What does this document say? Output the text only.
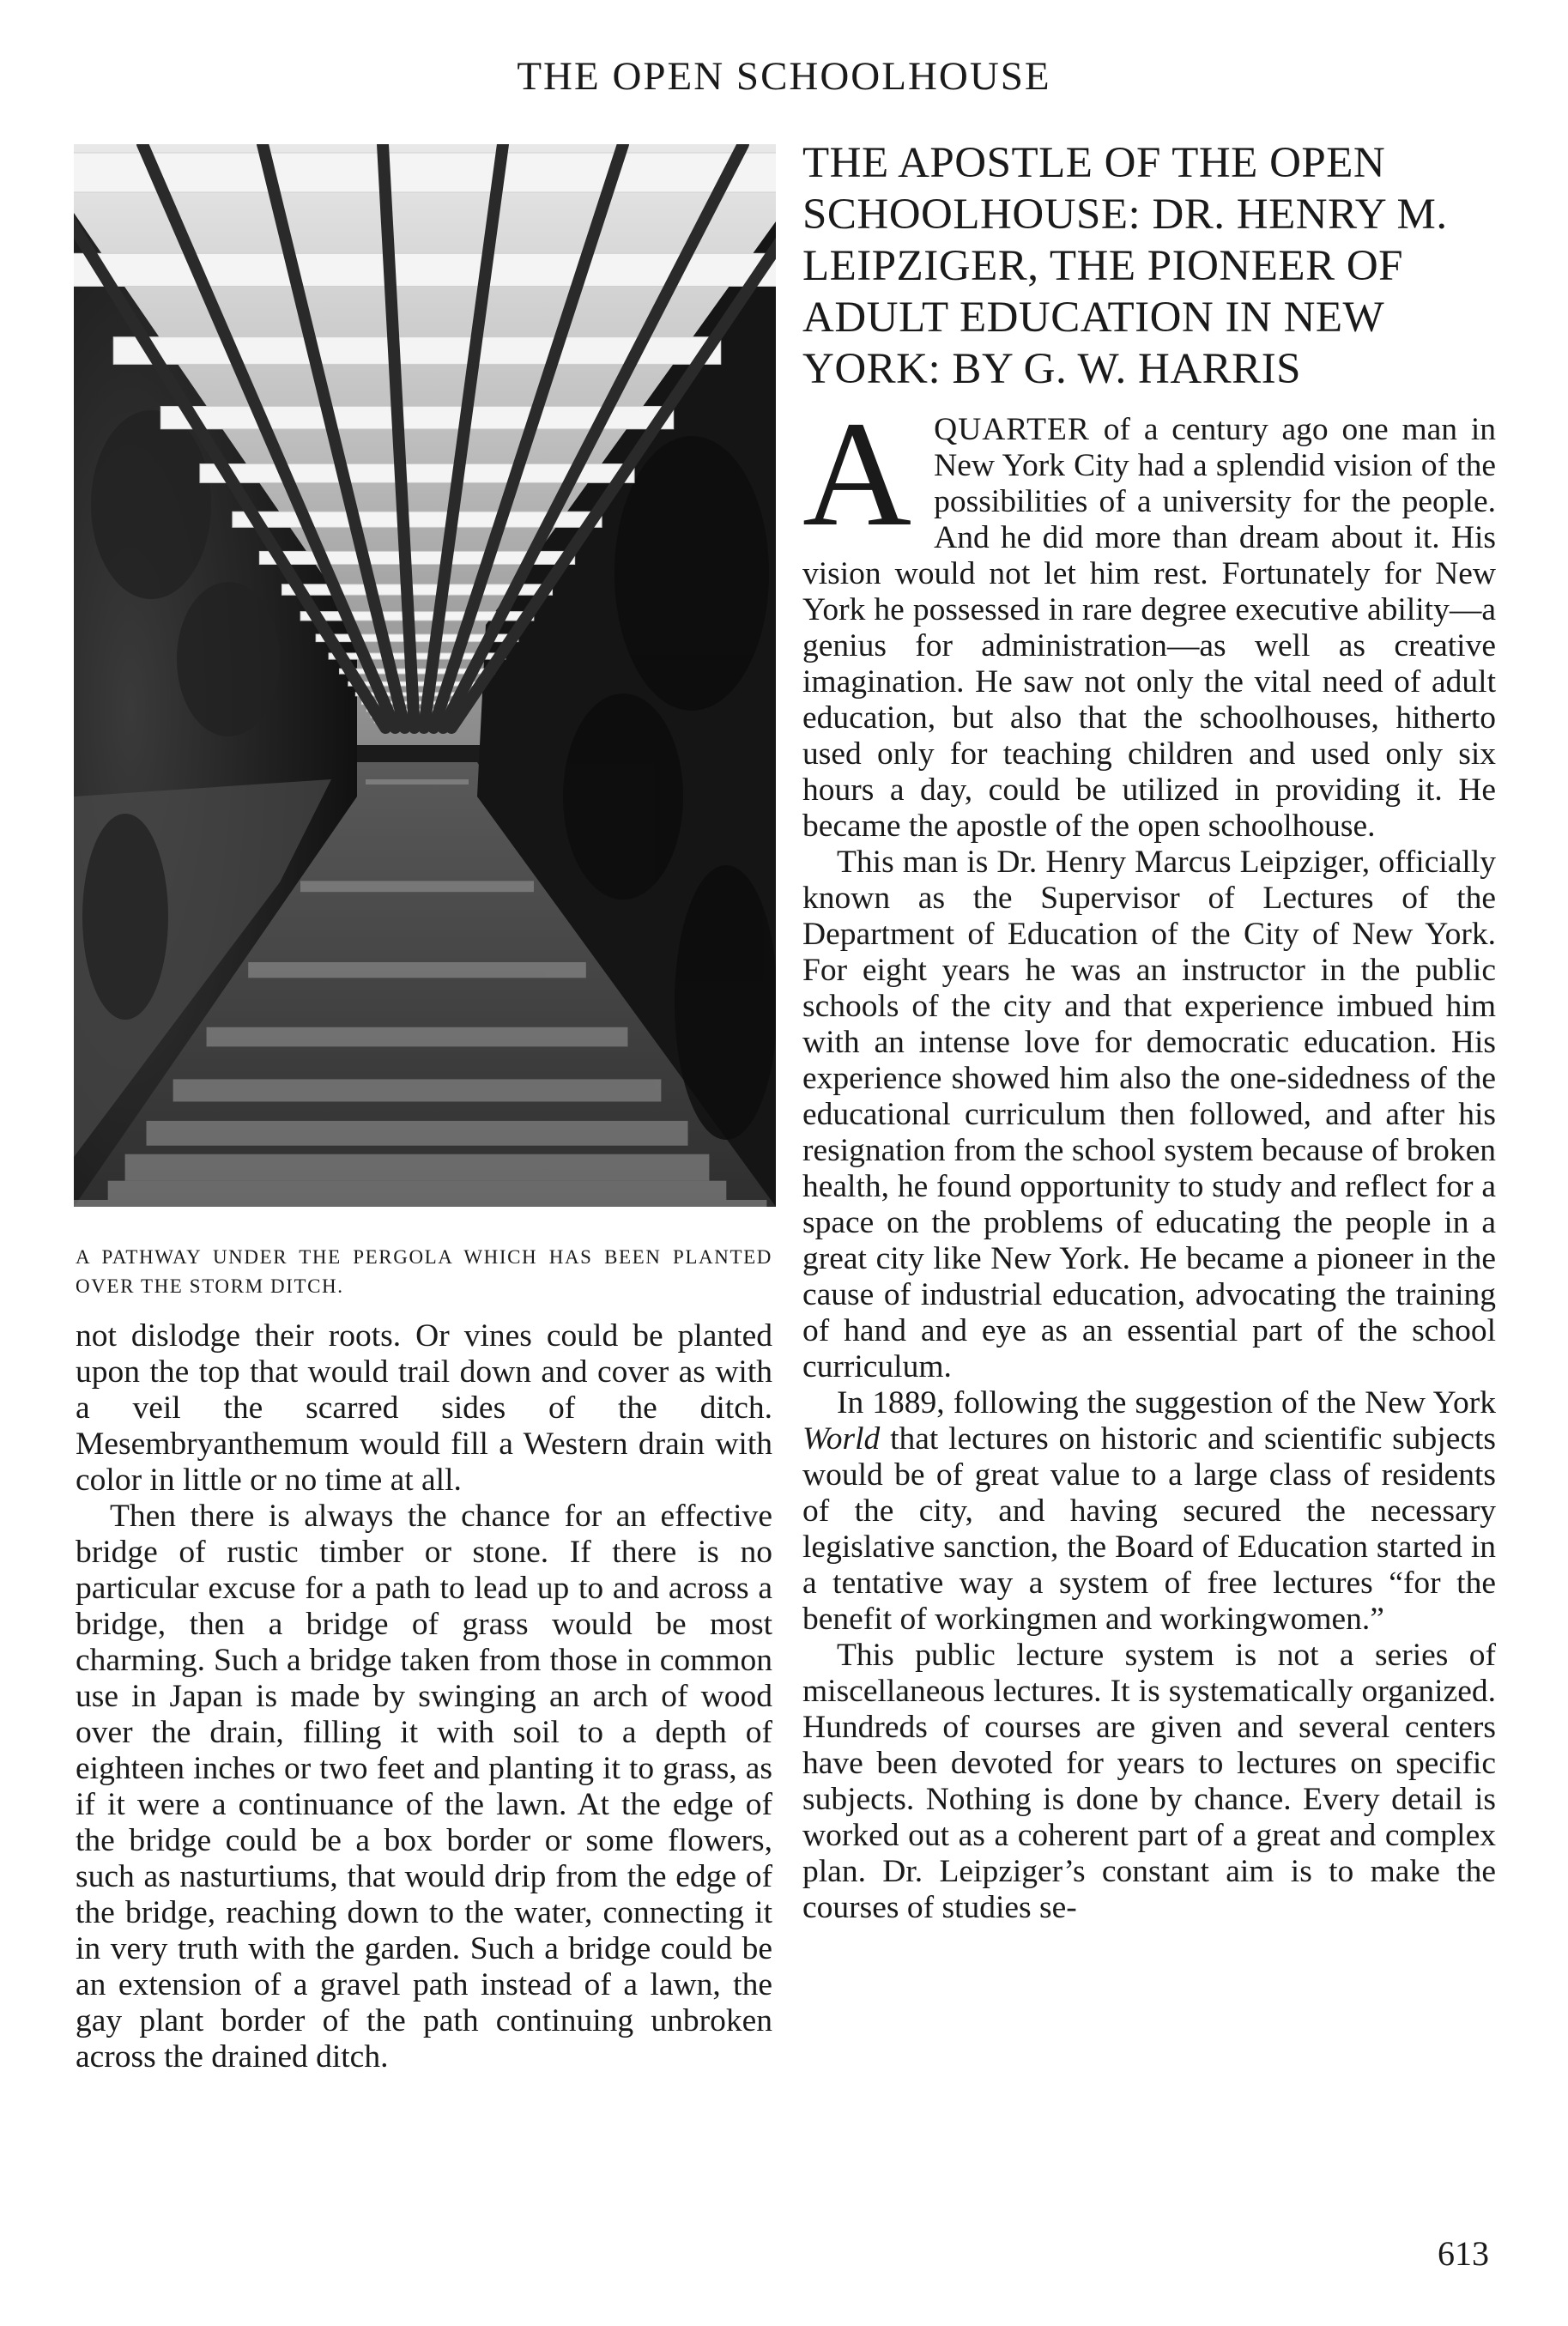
THE OPEN SCHOOLHOUSE
A PATHWAY UNDER THE PERGOLA WHICH HAS BEEN PLANTED OVER THE STORM DITCH.

not dislodge their roots. Or vines could be planted upon the top that would trail down and cover as with a veil the scarred sides of the ditch. Mesembryanthemum would fill a Western drain with color in little or no time at all.

Then there is always the chance for an effective bridge of rustic timber or stone. If there is no particular excuse for a path to lead up to and across a bridge, then a bridge of grass would be most charming. Such a bridge taken from those in common use in Japan is made by swinging an arch of wood over the drain, filling it with soil to a depth of eighteen inches or two feet and planting it to grass, as if it were a continuance of the lawn. At the edge of the bridge could be a box border or some flowers, such as nasturtiums, that would drip from the edge of the bridge, reaching down to the water, connecting it in very truth with the garden. Such a bridge could be an extension of a gravel path instead of a lawn, the gay plant border of the path continuing unbroken across the drained ditch.

THE APOSTLE OF THE OPEN SCHOOLHOUSE: DR. HENRY M. LEIPZIGER, THE PIONEER OF ADULT EDUCATION IN NEW YORK: BY G. W. HARRIS

AQUARTER of a century ago one man in New York City had a splendid vision of the possibilities of a university for the people. And he did more than dream about it. His vision would not let him rest. Fortunately for New York he possessed in rare degree executive ability—a genius for administration—as well as creative imagination. He saw not only the vital need of adult education, but also that the schoolhouses, hitherto used only for teaching children and used only six hours a day, could be utilized in providing it. He became the apostle of the open schoolhouse.

This man is Dr. Henry Marcus Leipziger, officially known as the Supervisor of Lectures of the Department of Education of the City of New York. For eight years he was an instructor in the public schools of the city and that experience imbued him with an intense love for democratic education. His experience showed him also the one-sidedness of the educational curriculum then followed, and after his resignation from the school system because of broken health, he found opportunity to study and reflect for a space on the problems of educating the people in a great city like New York. He became a pioneer in the cause of industrial education, advocating the training of hand and eye as an essential part of the school curriculum.

In 1889, following the suggestion of the New York World that lectures on historic and scientific subjects would be of great value to a large class of residents of the city, and having secured the necessary legislative sanction, the Board of Education started in a tentative way a system of free lectures “for the benefit of workingmen and workingwomen.”

This public lecture system is not a series of miscellaneous lectures. It is systematically organized. Hundreds of courses are given and several centers have been devoted for years to lectures on specific subjects. Nothing is done by chance. Every detail is worked out as a coherent part of a great and complex plan. Dr. Leipziger’s constant aim is to make the courses of studies se-

613
